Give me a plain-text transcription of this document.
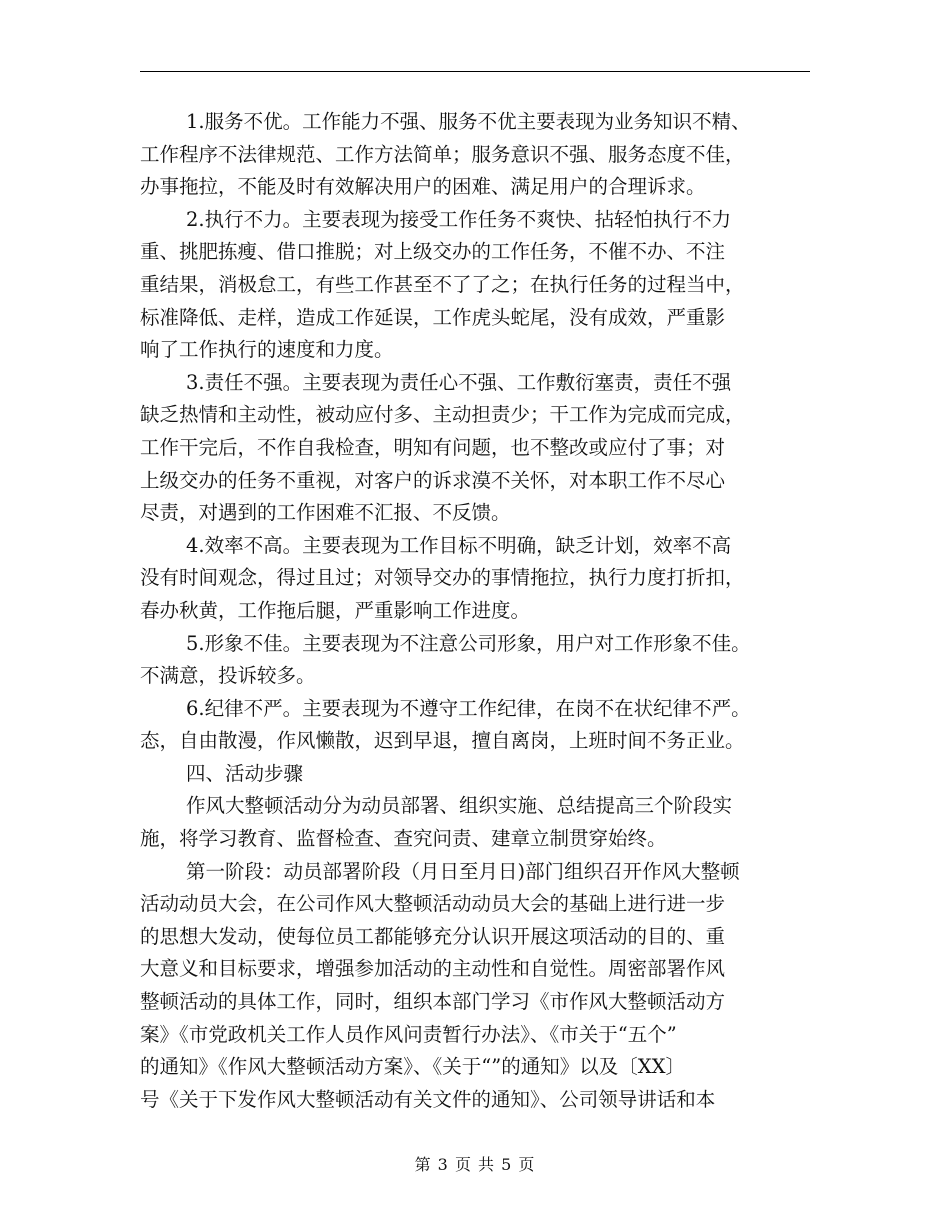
1.服务不优。工作能力不强、服务不优主要表现为业务知识不精、
工作程序不法律规范、工作方法简单；服务意识不强、服务态度不佳，
办事拖拉，不能及时有效解决用户的困难、满足用户的合理诉求。
2.执行不力。主要表现为接受工作任务不爽快、拈轻怕执行不力
重、挑肥拣瘦、借口推脱；对上级交办的工作任务，不催不办、不注
重结果，消极怠工，有些工作甚至不了了之；在执行任务的过程当中，
标准降低、走样，造成工作延误，工作虎头蛇尾，没有成效，严重影
响了工作执行的速度和力度。
3.责任不强。主要表现为责任心不强、工作敷衍塞责，责任不强
缺乏热情和主动性，被动应付多、主动担责少；干工作为完成而完成，
工作干完后，不作自我检查，明知有问题，也不整改或应付了事；对
上级交办的任务不重视，对客户的诉求漠不关怀，对本职工作不尽心
尽责，对遇到的工作困难不汇报、不反馈。
4.效率不高。主要表现为工作目标不明确，缺乏计划，效率不高
没有时间观念，得过且过；对领导交办的事情拖拉，执行力度打折扣，
春办秋黄，工作拖后腿，严重影响工作进度。
5.形象不佳。主要表现为不注意公司形象，用户对工作形象不佳。
不满意，投诉较多。
6.纪律不严。主要表现为不遵守工作纪律，在岗不在状纪律不严。
态，自由散漫，作风懒散，迟到早退，擅自离岗，上班时间不务正业。
四、活动步骤
作风大整顿活动分为动员部署、组织实施、总结提高三个阶段实
施，将学习教育、监督检查、查究问责、建章立制贯穿始终。
第一阶段：动员部署阶段（月日至月日)部门组织召开作风大整顿
活动动员大会，在公司作风大整顿活动动员大会的基础上进行进一步
的思想大发动，使每位员工都能够充分认识开展这项活动的目的、重
大意义和目标要求，增强参加活动的主动性和自觉性。周密部署作风
整顿活动的具体工作，同时，组织本部门学习《市作风大整顿活动方
案》《市党政机关工作人员作风问责暂行办法》、《市关于“五个”
的通知》《作风大整顿活动方案》、《关于“”的通知》以及〔XX〕
号《关于下发作风大整顿活动有关文件的通知》、公司领导讲话和本
第 3 页 共 5 页
